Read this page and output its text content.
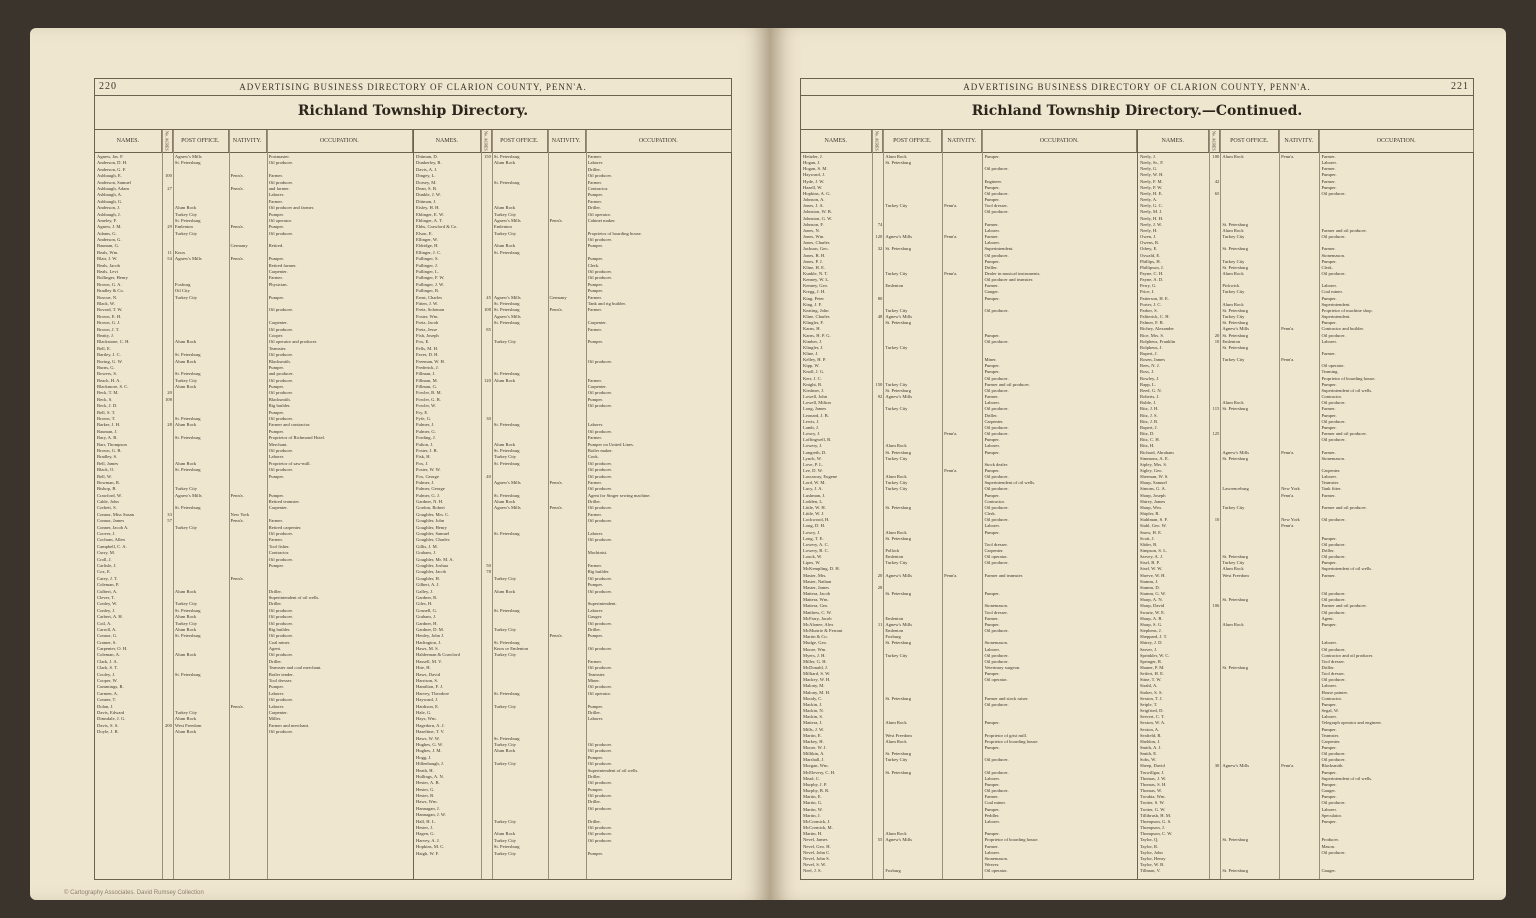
220	ADVERTISING BUSINESS DIRECTORY OF CLARION COUNTY, PENN'A.
Richland Township Directory.
NAMES.	No. ACRES.	POST OFFICE.	NATIVITY.	OCCUPATION.
Agnew, Jas. F.	Agnew's Mills	Postmaster.
Anderson, D. H.	St. Petersburg	Oil producer.
Anderson, G. F.
Ashbaugh, E.	100	Penn'a.	Farmer.
Anderson, Samuel	Oil producer.
Ashbaugh, Adam	27	Penn'a.	and farmer.
Ashbaugh, A.	Laborer.
Ashbaugh, G.	Farmer.
Anderson, J.	Alum Rock	Oil producer and farmer.
Ashbaugh, J.	Turkey City	Pumper.
Ameley, F.	St. Petersburg	Oil operator.
Agnew, J. M.	29 Emlenton	Penn'a.	Pumper.
Adams, G.	Turkey City	Oil producer.
Anderson, G.
Bauman, G.	Germany	Retired.
Beals, Wm.	11 Knox
Blair, J. W.	54 Agnew's Mills	Penn'a.	Pumper.
Beals, Jacob	Retired farmer.
Beals, Levi	Carpenter.
Bollinger, Henry	Farmer.
Brown, G. A.	Foxburg	Physician.
Bradley & Co.	Oil City
Boscue, N.	Turkey City	Pumper.
Black, W.
Bovard, T. W.	Oil producer.
Brown, E. H.
Brown, G. J.	Carpenter.
Brown, J. T.	Oil producer.
Beatty, J.	Cooper.
Blackstone, C. H.	Alum Rock	Oil operator and producer.
Bell, E.	Teamster.
Bartley, J. C.	St. Petersburg	Oil producer.
Boring, G. W.	Alum Rock	Blacksmith.
Burns, G.	Pumper.
Bowers, S.	St. Petersburg	and producer.
Beach, H. A.	Turkey City	Oil producer.
Blackmore, S. C.	Alum Rock	Pumper.
Beck, T. M.	20	Oil producer.
Beck, S.	108	Blacksmith.
Beck, J. D.	Rig builder.
Bell, S. T.	Pumper.
Brown, T.	St. Petersburg	Oil producer.
Barker, J. H.	28 Alum Rock	Farmer and contractor.
Bauman, J.	Pumper.
Bary, A. B.	St. Petersburg	Proprietor of Richmond Hotel.
Barr, Thompson	Merchant.
Brown, G. B.	Oil producer.
Bradley, S.	Laborer.
Bell, James	Alum Rock	Proprietor of saw-mill.
Black, O.	St. Petersburg	Oil producer.
Bell, W.	Pumper.
Bowman, R.
Bishop, B.	Turkey City
Crawford, W.	Agnew's Mills	Penn'a.	Pumper.
Cable, John	Retired teamster.
Corbett, S.	St. Petersburg	Carpenter.
Connor, Miss Susan	33	New York
Connor, James	57	Penn'a.	Farmer.
Conner, Jacob A.	Turkey City	Retired carpenter.
Coover, J.	Oil producer.
Cochran, Allen	Farmer.
Campbell, C. A.	Tool fisher.
Curry, M.	Contractor.
Croll, J.	Oil producer.
Carlisle, J.	Pumper.
Cox, E.
Carey, J. T.	Penn'a.
Coleman, P.
Culbert, A.	Alum Rock	Driller.
Clever, T.	Superintendent of oil wells.
Conley, W.	Turkey City	Driller.
Conley, J.	St. Petersburg	Oil producer.
Carbert, A. H.	Alum Rock	Oil producer.
Coil, A.	Turkey City	Oil producer.
Carroll, A.	Alum Rock	Rig builder.
Connor, G.	St. Petersburg	Oil producer.
Cramer, S.	Coal miner.
Carpenter, O. H.	Agent.
Coleman, A.	Alum Rock	Oil producer.
Clark, J. A.	Driller.
Clark, S. T.	Teamster and coal merchant.
Cooley, J.	St. Petersburg	Boiler tender.
Cooper, W.	Tool dresser.
Cummings, R.	Pumper.
Carmen, A.	Laborer.
Conner, T.	Oil producer.
Dolan, J.	Penn'a.	Laborer.
Davis, Edward	Turkey City	Carpenter.
Dimsdale, J. G.	Alum Rock	Miller.
Davis, S. S.	200 West Freedom	Farmer and merchant.
Doyle, J. R.	Alum Rock	Oil producer.
NAMES.	No. ACRES.	POST OFFICE.	NATIVITY.	OCCUPATION.
Dittman, D.	150 St. Petersburg	Farmer.
Dunkerley, R.	Alum Rock	Laborer.
Davis, A. J.	Driller.
Dingey, L.	Oil producer.
Dorsey, M.	St. Petersburg	Farmer.
Dean, S. B.	Contractor.
Dunkle, J. W.	Pumper.
Dittman, J.	Farmer.
Eisley, H. H.	Alum Rock	Driller.
Eblinger, E. W.	Turkey City	Oil operator.
Eblinger, A. T.	Agnew's Mills	Penn'a.	Cabinet maker.
Ebbs, Crawford & Co.	Emlenton
Elson, E.	Turkey City	Proprietor of boarding house.
Ellinger, W.	Oil producer.
Eldridge, H.	Alum Rock	Pumper.
Ellinger, J. C.	St. Petersburg
Fullinger, S.	Pumper.
Fullinger, J.	Clerk.
Fullinger, L.	Oil producer.
Fullinger, F. W.	Oil producer.
Fullinger, J. W.	Pumper.
Fullinger, R.	Pumper.
Ernst, Charles	45 Agnew's Mills	Germany	Farmer.
Fitten, J. W.	St. Petersburg	Tank and rig builder.
Fretz, Solomon	108 St. Petersburg	Penn'a.	Farmer.
Foster, Wm.	Agnew's Mills
Fretz, Jacob	St. Petersburg	Carpenter.
Fretz, Jesse	85	Farmer.
Fish, Joseph
Fox, E.	Turkey City	Pumper.
Fells, M. H.
Faver, D. H.
Freeman, W. H.	Oil producer.
Frederick, J.
Fillman, J.	St. Petersburg
Fillman, M.	120 Alum Rock	Farmer.
Fillman, G.	Carpenter.
Fowler, B. M.	Oil producer.
Fowler, G. R.	Pumper.
Fowler, W.	Oil producer.
Fry, E.
Fyfe, G.	30
Fulmer, J.	St. Petersburg	Laborer.
Fulmer, G.	Oil producer.
Fording, J.	Farmer.
Fulton, J.	Alum Rock	Pumper on United Lines.
Foster, J. R.	St. Petersburg	Boiler maker.
Fisk, H.	Turkey City	Cook.
Fox, J.	St. Petersburg	Oil producer.
Foster, W. W.	Oil producer.
Fox, George	40	Oil producer.
Fulmer, J.	Agnew's Mills	Penn'a.	Farmer.
Fulmer, George	Oil producer.
Fulmer, G. J.	St. Petersburg	Agent for Singer sewing machine.
Gardner, N. H.	Alum Rock	Driller.
Gordon, Robert	Agnew's Mills	Penn'a.	Oil producer.
Goughler, Mrs. C.	Farmer.
Goughler, John	Oil producer.
Goughler, Henry
Goughler, Samuel	St. Petersburg	Laborer.
Goughler, Charles	Oil producer.
Gillis, J. M.
Graham, J.	Machinist.
Goughler, Mr. M. A.
Goughler, Joshua	50	Farmer.
Goughler, Jacob	78	Rig builder.
Goughler, H.	Turkey City	Oil producer.
Gilbert, A. J.	Pumper.
Galley, J.	Alum Rock	Oil producer.
Gardner, R.
Giles, H.	Superintendent.
Gosnell, G.	St. Petersburg	Laborer.
Graham, J.	Gauger.
Gardner, H.	Oil producer.
Gardner, D. M.	Turkey City	Driller.
Henley, John J.	Penn'a.	Pumper.
Harlington, J.	St. Petersburg
Haws, M. S.	Knox or Emlenton	Oil producer.
Halderman & Crawford	Turkey City
Hassell, M. V.	Farmer.
Hite, H.	Oil producer.
Haws, David	Teamster.
Harrison, S.	Miner.
Hamilton, F. J.	Oil producer.
Harvey, Theodore	St. Petersburg	Oil operator.
Hayward, J.
Hardison, E.	Turkey City	Pumper.
Hale, G.	Driller.
Hays, Wm.	Laborer.
Hagedorn, A. J.
Hazeltine, T. V.
Haws, W. W.	St. Petersburg
Hughes, G. W.	Turkey City	Oil producer.
Hughes, J. M.	Alum Rock	Oil producer.
Hogg, J.	Pumper.
Hillenbaugh, J.	Turkey City	Oil producer.
Heath, H.	Superintendent of oil wells.
Hullings, A. N.	Driller.
Hester, A. B.	Oil producer.
Hester, G.	Pumper.
Hester, B.	Oil producer.
Haws, Wm.	Driller.
Hannagan, J.	Oil producer.
Hannagan, J. W.
Hall, H. L.	Turkey City	Driller.
Hester, J.	Oil producer.
Hagen, G.	Alum Rock	Oil producer.
Harvey, A. J.	Turkey City	Oil producer.
Hopkins, M. C.	St. Petersburg
Haigh, W. F.	Turkey City	Pumper.
© Cartography Associates. David Rumsey Collection
ADVERTISING BUSINESS DIRECTORY OF CLARION COUNTY, PENN'A.	221
Richland Township Directory.—Continued.
NAMES.	No. ACRES.	POST OFFICE.	NATIVITY.	OCCUPATION.
Heitzler, J.	Alum Rock	Pumper.
Hogan, J.	St. Petersburg
Hogan, S. M.	Oil producer.
Hayward, J.
Hyde, J. W.	Engineer.
Hazell, W.	Pumper.
Hopkins, A. G.	Oil producer.
Johnson, A.	Pumper.
Jones, J. A.	Turkey City	Penn'a.	Tool dresser.
Johnston, W. B.	Oil producer.
Johnston, G. W.
Johnson, F.	74	Farmer.
Jones, N.	Laborer.
Jones, Wm.	120 Agnew's Mills	Penn'a.	Farmer.
Jones, Charles	Laborer.
Jackson, Geo.	32 St. Petersburg	Superintendent.
Jones, B. H.	Oil producer.
Jones, P. J.	Pumper.
Kline, H. E.	Driller.
Kunkle, N. T.	Turkey City	Penn'a.	Dealer in musical instruments.
Kenney, W. L.	Oil producer and teamster.
Kenney, Geo.	Emlenton	Farmer.
Kregg, J. H.	Gauger.
King, Peter	80	Pumper.
King, J. F.
Keating, John	Turkey City	Oil producer.
Kline, Charles	48 Agnew's Mills
Klingler, F.	St. Petersburg
Karns, H.
Karns, H. P. G.	Pumper.
Kimber, J.	Oil producer.
Klingler, J.	Turkey City
Kline, J.
Kelley, H. P.	Miner.
Kipp, W.	Pumper.
Knoll, J. G.	Pumper.
Kerr, J. C.	Oil producer.
Knight, B.	150 Turkey City	Farmer and oil producer.
Kirshner, J.	St. Petersburg	Oil producer.
Lowell, John	92 Agnew's Mills	Farmer.
Lowell, Milton	Laborer.
Long, James	Turkey City	Oil producer.
Leonard, J. B.	Driller.
Lewis, J.	Carpenter.
Lamb, J.	Oil producer.
Lowry, J.	Penn'a.	Oil producer.
Loffingwell, B.	Pumper.
Lowery, J.	Alum Rock	Laborer.
Langreth, D.	St. Petersburg	Pumper.
Lynch, W.	Turkey City
Love, P. L.	Stock dealer.
Lee, D. W.	Penn'a.	Pumper.
Lascaway, Eugene	Alum Rock	Oil producer.
Lord, W. M.	Turkey City	Superintendent of oil wells.
Lucy, J. A.	Turkey City	Oil producer.
Lushman, J.	Pumper.
Lodden, L.	Contractor.
Little, W. H.	St. Petersburg	Oil producer.
Little, W. J.	Clerk.
Lockwood, H.	Oil producer.
Long, D. H.	Laborer.
Lowry, J.	Alum Rock	Pumper.
Long, T. E.	St. Petersburg
Lowery, A. C.	Tool dresser.
Lowery, B. C.	Pollock	Carpenter.
Louck, W.	Emlenton	Oil operator.
Lipes, W.	Turkey City	Oil producer.
McKempling, D. H.
Master, Mrs.	20 Agnew's Mills	Penn'a.	Farmer and teamster.
Master, Nathan
Master, James	28
Mattera, Jacob	St. Petersburg	Pumper.
Mattera, Wm.
Mattera, Geo.	Stonemason.
Matthew, C. W.	Tool dresser.
McFarry, Jacob	Emlenton	Farmer.
McAlonee, Alex	11 Agnew's Mills	Pumper.
McMurtrie & Ferrant	Emlenton	Oil producer.
Martin & Co.	Foxburg
Mudge, Geo.	St. Petersburg	Stonemason.
Moore, Wm.	Laborer.
Myers, J. H.	Turkey City	Oil producer.
Miller, G. H.	Oil producer.
McDonald, J.	Veterinary surgeon.
Milliard, S. W.	Pumper.
Mackey, W. H.	Oil operator.
Malony, M.
Malony, M. H.
Moody, C.	St. Petersburg	Farmer and stock raiser.
Mackin, J.	Oil producer.
Mackin, N.
Mackin, S.
Mattera, J.	Alum Rock	Pumper.
Mills, J. W.
Martin, E.	West Freedom	Proprietor of grist mill.
Markey, H.	Alum Rock	Proprietor of boarding house.
Moore, W. J.	Pumper.
Millikin, A.	St. Petersburg
Marshall, J.	Turkey City	Oil producer.
Morgan, Wm.
McElevery, C. H.	St. Petersburg	Oil producer.
Mead, C.	Laborer.
Murphy, J. P.	Pumper.
Murphy, B. R.	Oil producer.
Martin, E.	Farmer.
Martin, G.	Coal miner.
Martin, W.	Pumper.
Martin, J.	Peddler.
McCormick, J.	Laborer.
McCormick, M.
Martin, H.	Alum Rock	Pumper.
Nevel, James	55 Agnew's Mills	Proprietor of boarding house.
Nevel, Geo. H.	Farmer.
Nevel, John C.	Laborer.
Nevel, John S.	Stonemason.
Nevel, S. W.	Weaver.
Neel, J. S.	Foxburg	Oil operator.
NAMES.	No. ACRES.	POST OFFICE.	NATIVITY.	OCCUPATION.
Neely, J.	100 Alum Rock	Penn'a.	Farmer.
Neely, Sr., F.	Laborer.
Neely, G.	Farmer.
Neely, W. H.	Pumper.
Neely, F. M.	42	Farmer.
Neely, P. W.	Pumper.
Neely, H. E.	65	Oil producer.
Neely, A.
Neely, G. C.
Neely, M. J.
Neely, H. H.
Neely, J. W.	St. Petersburg
Neely, H.	Alum Rock	Farmer and oil producer.
Owen, J.	Turkey City	Oil producer.
Owens, R.
Odrey, E.	St. Petersburg	Farmer.
Oswald, E.	Stonemason.
Phillips, H.	Turkey City	Pumper.
Phillipson, J.	St. Petersburg	Clerk.
Payne, C. H.	Alum Rock	Oil producer.
Payne, A. D.
Perry, G.	Pickwick	Laborer.
Price, I.	Turkey City	Coal miner.
Patterson, H. E.	Pumper.
Porter, J. C.	Alum Rock	Superintendent.
Parker, S.	St. Petersburg	Proprietor of machine shop.
Paliterick, C. H.	Turkey City	Superintendent.
Palmer, F. B.	St. Petersburg	Pumper.
Richey, Alexander	Agnew's Mills	Penn'a.	Contractor and builder.
Rice, Mrs. S.	20 St. Petersburg	Oil producer.
Rolpheus, Franklin	10 Emlenton	Laborer.
Rolpheus, J.	St. Petersburg
Rupert, J.	Farmer.
Rosen, James	Turkey City	Penn'a.
Rees, N. J.	Oil operator.
Ross, J.	Teaming.
Rowley, J.	Proprietor of boarding house.
Rapp, L.	Pumper.
Reed, G. N.	Superintendent of oil wells.
Roberts, J.	Contractor.
Ruble, J.	Alum Rock	Oil producer.
Ritz, J. H.	115 St. Petersburg	Farmer.
Ritz, J. S.	Pumper.
Ritz, J. B.	Oil producer.
Rupert, J.	Pumper.
Ritz, D.	125	Farmer and oil producer.
Ritz, C. H.	Oil producer.
Ritz, H.
Richard, Abraham	Agnew's Mills	Penn'a.	Farmer.
Simmons, A. E.	St. Petersburg	Stonemason.
Sipley, Mrs. S.
Sigley, Geo.	Carpenter.
Sherman, W. S.	Laborer.
Sharp, Samuel	Teamster.
Simons, G. A.	Lawrenceburg	New York	Tank fitter.
Sharp, Joseph	Penn'a.	Farmer.
Shirey, James
Sharp, Wm.	Turkey City	Farmer and oil producer.
Shipler, R.
Stahlman, S. F.	10	New York	Oil producer.
Stahl, Geo. W.	Penn'a.
Snow, H. E.
Scott, J.	Pumper.
Slider, B.	Oil producer.
Simpson, S. L.	Driller.
Sarvey, A. J.	St. Petersburg	Oil producer.
Sisel, B. P.	Turkey City	Pumper.
Sisel, W. W.	Alum Rock	Superintendent of oil wells.
Shreve, W. H.	West Freedom	Farmer.
Stamm, J.
Stamm, D.
Stamm, G. W.	Oil producer.
Sharp, A. N.	St. Petersburg	Oil producer.
Sharp, David	106	Farmer and oil producer.
Swartz, W. E.	Oil producer.
Sharp, A. B.	Agent.
Sharp, S. G.	Alum Rock	Pumper.
Stephens, J.
Sheppard, J. T.
Shirey, J. D.	Laborer.
Sarver, J.	Oil producer.
Sprinkler, W. C.	Contractor and oil producer.
Springer, R.	Tool dresser.
Shaner, P. M.	St. Petersburg	Driller.
Seifert, H. E.	Tool dresser.
Stine, T. W.	Oil producer.
Strahl, A.	Laborer.
Stoker, S. S.	House painter.
Sexton, T. J.	Contractor.
Seiple, T.	Pumper.
Seigfried, D.	Segal, W.
Seecert, C. T.	Laborer.
Sexton, W. A.	Telegraph operator and engineer.
Sexton, A.	Pumper.
Seafield, R.	Teamster.
Sheldon, J.	Carpenter.
Smith, A. J.	Pumper.
Smith, E.	Oil producer.
Sobs, W.	Oil producer.
Sheep, David	30 Agnew's Mills	Penn'a.	Blacksmith.
Truwillgar, J.	Pumper.
Thomas, J. W.	Superintendent of oil wells.
Thomas, S. H.	Pumper.
Thomas, W.	Gauger.
Troubia, Wm.	Pumper.
Trotter, S. W.	Oil producer.
Trotter, G. W.	Laborer.
Tillibrush, H. M.	Speculator.
Thompson, G. S.	Pumper.
Thompson, J.
Thompson, C. W.
Taylor, Q.	St. Petersburg	Producer.
Taylor, R.	Mason.
Taylor, John	Oil producer.
Taylor, Henry
Taylor, W. B.
Tillman, V.	St. Petersburg	Gauger.
